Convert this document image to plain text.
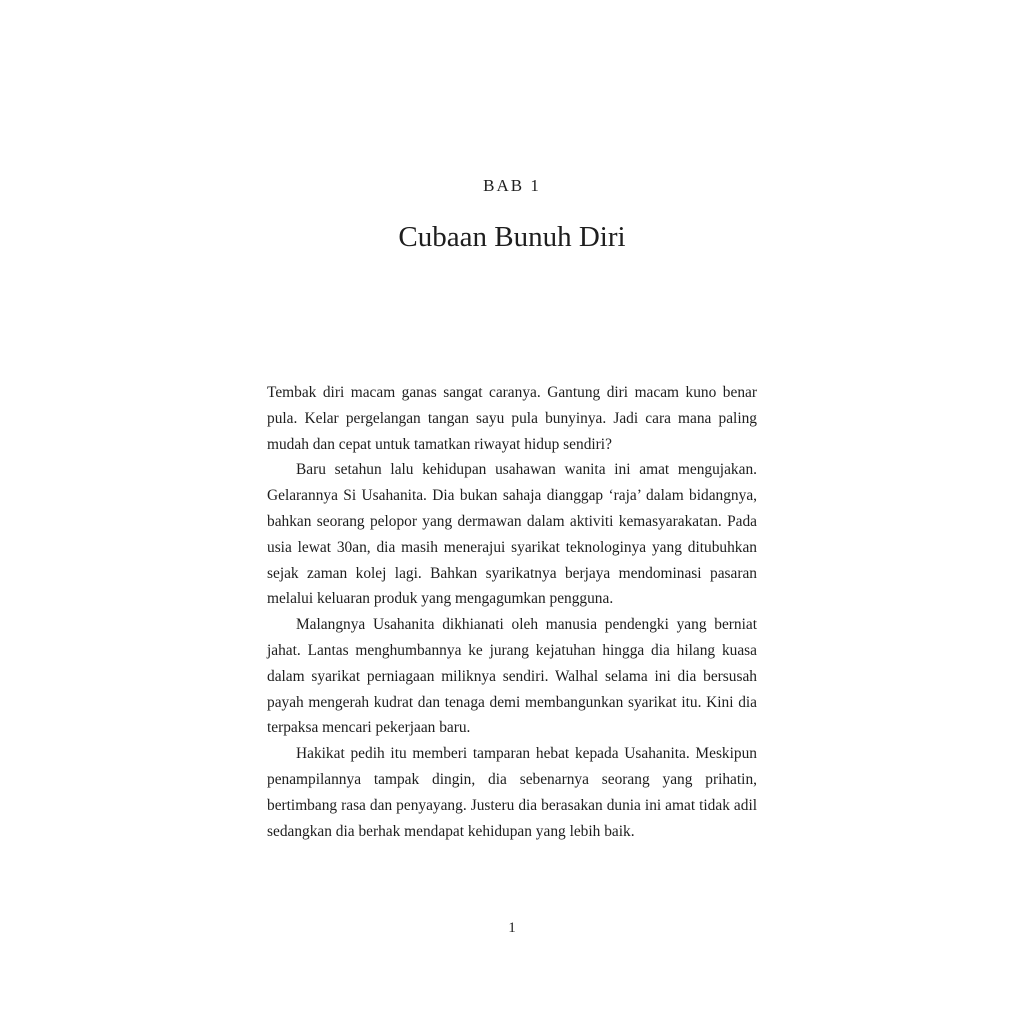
BAB 1
Cubaan Bunuh Diri

Tembak diri macam ganas sangat caranya. Gantung diri macam kuno benar pula. Kelar pergelangan tangan sayu pula bunyinya. Jadi cara mana paling mudah dan cepat untuk tamatkan riwayat hidup sendiri?

Baru setahun lalu kehidupan usahawan wanita ini amat mengujakan. Gelarannya Si Usahanita. Dia bukan sahaja dianggap ‘raja’ dalam bidangnya, bahkan seorang pelopor yang dermawan dalam aktiviti kemasyarakatan. Pada usia lewat 30an, dia masih menerajui syarikat teknologinya yang ditubuhkan sejak zaman kolej lagi. Bahkan syarikatnya berjaya mendominasi pasaran melalui keluaran produk yang mengagumkan pengguna.

Malangnya Usahanita dikhianati oleh manusia pendengki yang berniat jahat. Lantas menghumbannya ke jurang kejatuhan hingga dia hilang kuasa dalam syarikat perniagaan miliknya sendiri. Walhal selama ini dia bersusah payah mengerah kudrat dan tenaga demi membangunkan syarikat itu. Kini dia terpaksa mencari pekerjaan baru.

Hakikat pedih itu memberi tamparan hebat kepada Usahanita. Meskipun penampilannya tampak dingin, dia sebenarnya seorang yang prihatin, bertimbang rasa dan penyayang. Justeru dia berasakan dunia ini amat tidak adil sedangkan dia berhak mendapat kehidupan yang lebih baik.

1
